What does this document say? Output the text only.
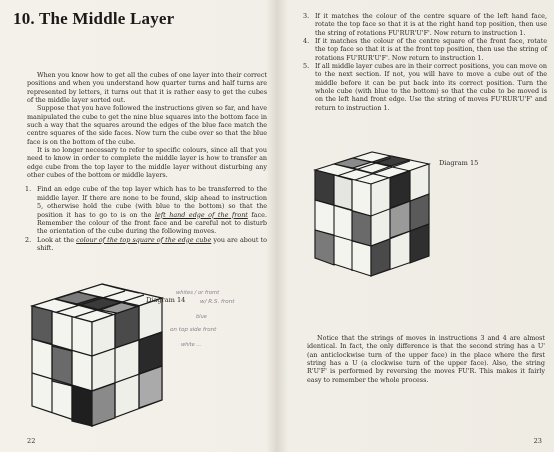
10. The Middle Layer

When you know how to get all the cubes of one layer into their correct positions and when you understand how quarter turns and half turns are represented by letters, it turns out that it is rather easy to get the cubes of the middle layer sorted out.

Suppose that you have followed the instructions given so far, and have manipulated the cube to get the nine blue squares into the bottom face in such a way that the squares around the edges of the blue face match the centre squares of the side faces. Now turn the cube over so that the blue face is on the bottom of the cube.

It is no longer necessary to refer to specific colours, since all that you need to know in order to complete the middle layer is how to transfer an edge cube from the top layer to the middle layer without disturbing any other cubes of the bottom or middle layers.

1. Find an edge cube of the top layer which has to be transferred to the middle layer. If there are none to be found, skip ahead to instruction 5, otherwise hold the cube (with blue to the bottom) so that the position it has to go to is on the left hand edge of the front face. Remember the colour of the front face and be careful not to disturb the orientation of the cube during the following moves.
2. Look at the colour of the top square of the edge cube you are about to shift.
Diagram 14
whites / or fromt
w/ R.S. front
blue
on top side front
white ...
22
3. If it matches the colour of the centre square of the left hand face, rotate the top face so that it is at the right hand top position, then use the string of rotations FU'RUR'U'F'. Now return to instruction 1.
4. If it matches the colour of the centre square of the front face, rotate the top face so that it is at the front top position, then use the string of rotations FU'RUR'U'F'. Now return to instruction 1.
5. If all middle layer cubes are in their correct positions, you can move on to the next section. If not, you will have to move a cube out of the middle before it can be put back into its correct position. Turn the whole cube (with blue to the bottom) so that the cube to be moved is on the left hand front edge. Use the string of moves FU'RUR'U'F' and return to instruction 1.
Diagram 15

Notice that the strings of moves in instructions 3 and 4 are almost identical. In fact, the only difference is that the second string has a U' (an anticlockwise turn of the upper face) in the place where the first string has a U (a clockwise turn of the upper face). Also, the string R'U'F' is performed by reversing the moves FU'R. This makes it fairly easy to remember the whole process.

23
